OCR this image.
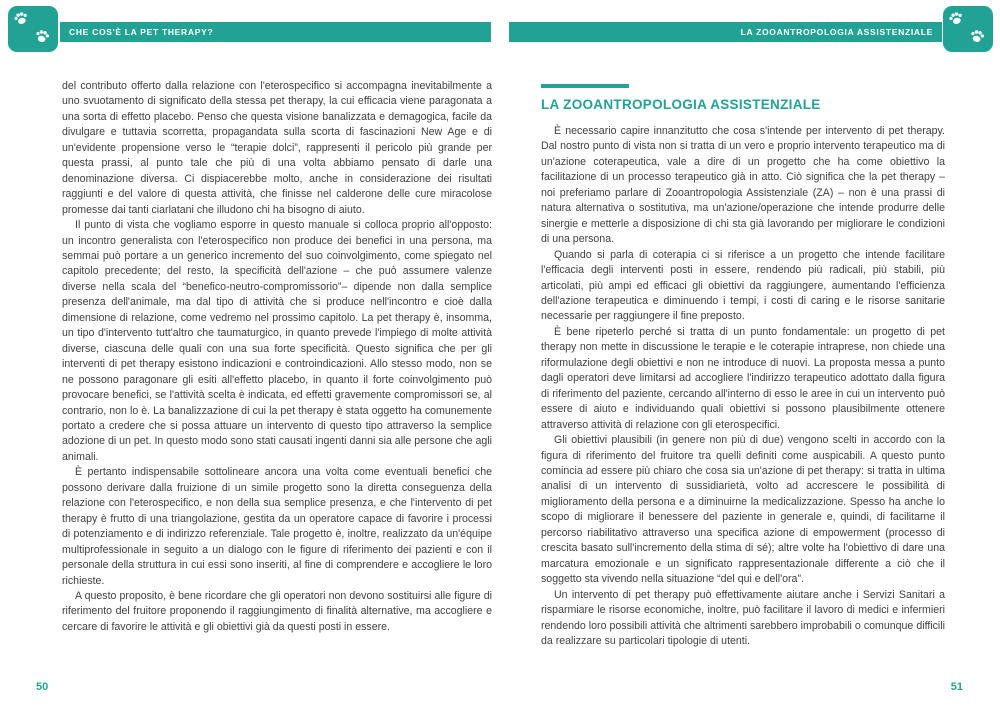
CHE COS'È LA PET THERAPY?	LA ZOOANTROPOLOGIA ASSISTENZIALE

del contributo offerto dalla relazione con l'eterospecifico si accompagna inevitabilmente a uno svuotamento di significato della stessa pet therapy, la cui efficacia viene paragonata a una sorta di effetto placebo. Penso che questa visione banalizzata e demagogica, facile da divulgare e tuttavia scorretta, propagandata sulla scorta di fascinazioni New Age e di un'evidente propensione verso le “terapie dolci”, rappresenti il pericolo più grande per questa prassi, al punto tale che più di una volta abbiamo pensato di darle una denominazione diversa. Ci dispiacerebbe molto, anche in considerazione dei risultati raggiunti e del valore di questa attività, che finisse nel calderone delle cure miracolose promesse dai tanti ciarlatani che illudono chi ha bisogno di aiuto.

Il punto di vista che vogliamo esporre in questo manuale si colloca proprio all'opposto: un incontro generalista con l'eterospecifico non produce dei benefici in una persona, ma semmai può portare a un generico incremento del suo coinvolgimento, come spiegato nel capitolo precedente; del resto, la specificità dell'azione – che può assumere valenze diverse nella scala del “benefico-neutro-compromissorio”– dipende non dalla semplice presenza dell'animale, ma dal tipo di attività che si produce nell'incontro e cioè dalla dimensione di relazione, come vedremo nel prossimo capitolo. La pet therapy è, insomma, un tipo d'intervento tutt'altro che taumaturgico, in quanto prevede l'impiego di molte attività diverse, ciascuna delle quali con una sua forte specificità. Questo significa che per gli interventi di pet therapy esistono indicazioni e controindicazioni. Allo stesso modo, non se ne possono paragonare gli esiti all'effetto placebo, in quanto il forte coinvolgimento può provocare benefici, se l'attività scelta è indicata, ed effetti gravemente compromissori se, al contrario, non lo è. La banalizzazione di cui la pet therapy è stata oggetto ha comunemente portato a credere che si possa attuare un intervento di questo tipo attraverso la semplice adozione di un pet. In questo modo sono stati causati ingenti danni sia alle persone che agli animali.

È pertanto indispensabile sottolineare ancora una volta come eventuali benefici che possono derivare dalla fruizione di un simile progetto sono la diretta conseguenza della relazione con l'eterospecifico, e non della sua semplice presenza, e che l'intervento di pet therapy è frutto di una triangolazione, gestita da un operatore capace di favorire i processi di potenziamento e di indirizzo referenziale. Tale progetto è, inoltre, realizzato da un'équipe multiprofessionale in seguito a un dialogo con le figure di riferimento dei pazienti e con il personale della struttura in cui essi sono inseriti, al fine di comprendere e accogliere le loro richieste.

A questo proposito, è bene ricordare che gli operatori non devono sostituirsi alle figure di riferimento del fruitore proponendo il raggiungimento di finalità alternative, ma accogliere e cercare di favorire le attività e gli obiettivi già da questi posti in essere.

LA ZOOANTROPOLOGIA ASSISTENZIALE

È necessario capire innanzitutto che cosa s'intende per intervento di pet therapy. Dal nostro punto di vista non si tratta di un vero e proprio intervento terapeutico ma di un'azione coterapeutica, vale a dire di un progetto che ha come obiettivo la facilitazione di un processo terapeutico già in atto. Ciò significa che la pet therapy – noi preferiamo parlare di Zooantropologia Assistenziale (ZA) – non è una prassi di natura alternativa o sostitutiva, ma un'azione/operazione che intende produrre delle sinergie e metterle a disposizione di chi sta già lavorando per migliorare le condizioni di una persona.

Quando si parla di coterapia ci si riferisce a un progetto che intende facilitare l'efficacia degli interventi posti in essere, rendendo più radicali, più stabili, più articolati, più ampi ed efficaci gli obiettivi da raggiungere, aumentando l'efficienza dell'azione terapeutica e diminuendo i tempi, i costi di caring e le risorse sanitarie necessarie per raggiungere il fine preposto.

È bene ripeterlo perché si tratta di un punto fondamentale: un progetto di pet therapy non mette in discussione le terapie e le coterapie intraprese, non chiede una riformulazione degli obiettivi e non ne introduce di nuovi. La proposta messa a punto dagli operatori deve limitarsi ad accogliere l'indirizzo terapeutico adottato dalla figura di riferimento del paziente, cercando all'interno di esso le aree in cui un intervento può essere di aiuto e individuando quali obiettivi si possono plausibilmente ottenere attraverso attività di relazione con gli eterospecifici.

Gli obiettivi plausibili (in genere non più di due) vengono scelti in accordo con la figura di riferimento del fruitore tra quelli definiti come auspicabili. A questo punto comincia ad essere più chiaro che cosa sia un'azione di pet therapy: si tratta in ultima analisi di un intervento di sussidiarietà, volto ad accrescere le possibilità di miglioramento della persona e a diminuirne la medicalizzazione. Spesso ha anche lo scopo di migliorare il benessere del paziente in generale e, quindi, di facilitarne il percorso riabilitativo attraverso una specifica azione di empowerment (processo di crescita basato sull'incremento della stima di sé); altre volte ha l'obiettivo di dare una marcatura emozionale e un significato rappresentazionale differente a ciò che il soggetto sta vivendo nella situazione “del qui e dell'ora”.

Un intervento di pet therapy può effettivamente aiutare anche i Servizi Sanitari a risparmiare le risorse economiche, inoltre, può facilitare il lavoro di medici e infermieri rendendo loro possibili attività che altrimenti sarebbero improbabili o comunque difficili da realizzare su particolari tipologie di utenti.

50	51
